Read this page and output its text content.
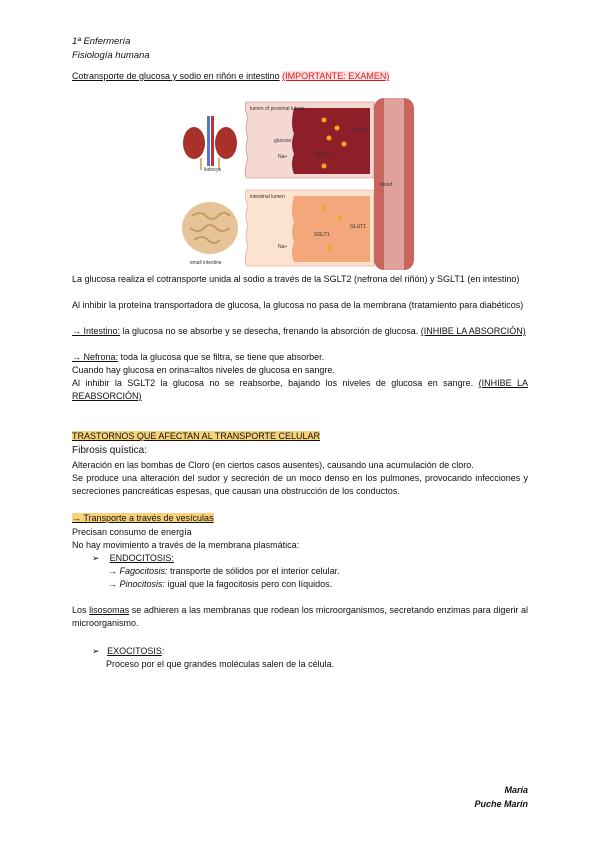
1ª Enfermería
Fisiología humana
Cotransporte de glucosa y sodio en riñón e intestino (IMPORTANTE: EXAMEN)
kidneys
lumen of proximal tubule
glucose
Na+	SGLT2
GLUT2
small intestine
intestinal lumen
Na+
SGLT1
GLUT1
blood
La glucosa realiza el cotransporte unida al sodio a través de la SGLT2 (nefrona del riñón) y SGLT1 (en intestino)
Al inhibir la proteína transportadora de glucosa, la glucosa no pasa de la membrana (tratamiento para diabéticos)
→ Intestino: la glucosa no se absorbe y se desecha, frenando la absorción de glucosa. (INHIBE LA ABSORCIÓN)
→ Nefrona: toda la glucosa que se filtra, se tiene que absorber.
Cuando hay glucosa en orina=altos niveles de glucosa en sangre.
Al inhibir la SGLT2 la glucosa no se reabsorbe, bajando los niveles de glucosa en sangre. (INHIBE LA REABSORCIÓN)
TRASTORNOS QUE AFECTAN AL TRANSPORTE CELULAR
Fibrosis quística:
Alteración en las bombas de Cloro (en ciertos casos ausentes), causando una acumulación de cloro.
Se produce una alteración del sudor y secreción de un moco denso en los pulmones, provocando infecciones y secreciones pancreáticas espesas, que causan una obstrucción de los conductos.
→ Transporte a través de vesículas
Precisan consumo de energía
No hay movimiento a través de la membrana plasmática:
➢ ENDOCITOSIS:
→ Fagocitosis: transporte de sólidos por el interior celular.
→ Pinocitosis: igual que la fagocitosis pero con líquidos.
Los lisosomas se adhieren a las membranas que rodean los microorganismos, secretando enzimas para digerir al microorganismo.
➢ EXOCITOSIS:
Proceso por el que grandes moléculas salen de la célula.
María
Puche Marín
